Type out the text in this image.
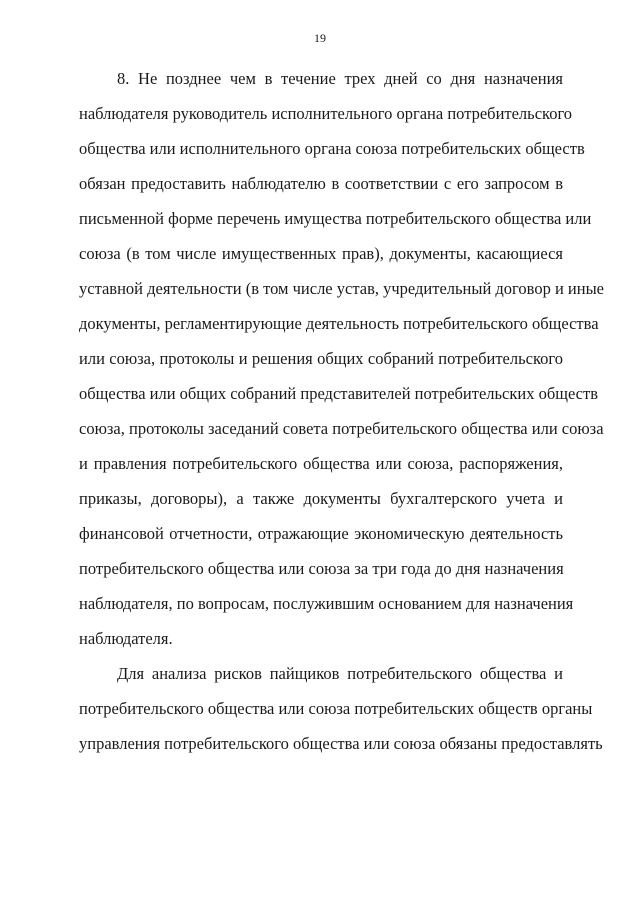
19
8. Не позднее чем в течение трех дней со дня назначения
наблюдателя руководитель исполнительного органа потребительского
общества или исполнительного органа союза потребительских обществ
обязан предоставить наблюдателю в соответствии с его запросом в
письменной форме перечень имущества потребительского общества или
союза (в том числе имущественных прав), документы, касающиеся
уставной деятельности (в том числе устав, учредительный договор и иные
документы, регламентирующие деятельность потребительского общества
или союза, протоколы и решения общих собраний потребительского
общества или общих собраний представителей потребительских обществ
союза, протоколы заседаний совета потребительского общества или союза
и правления потребительского общества или союза, распоряжения,
приказы, договоры), а также документы бухгалтерского учета и
финансовой отчетности, отражающие экономическую деятельность
потребительского общества или союза за три года до дня назначения
наблюдателя, по вопросам, послужившим основанием для назначения
наблюдателя.
Для анализа рисков пайщиков потребительского общества и
потребительского общества или союза потребительских обществ органы
управления потребительского общества или союза обязаны предоставлять
